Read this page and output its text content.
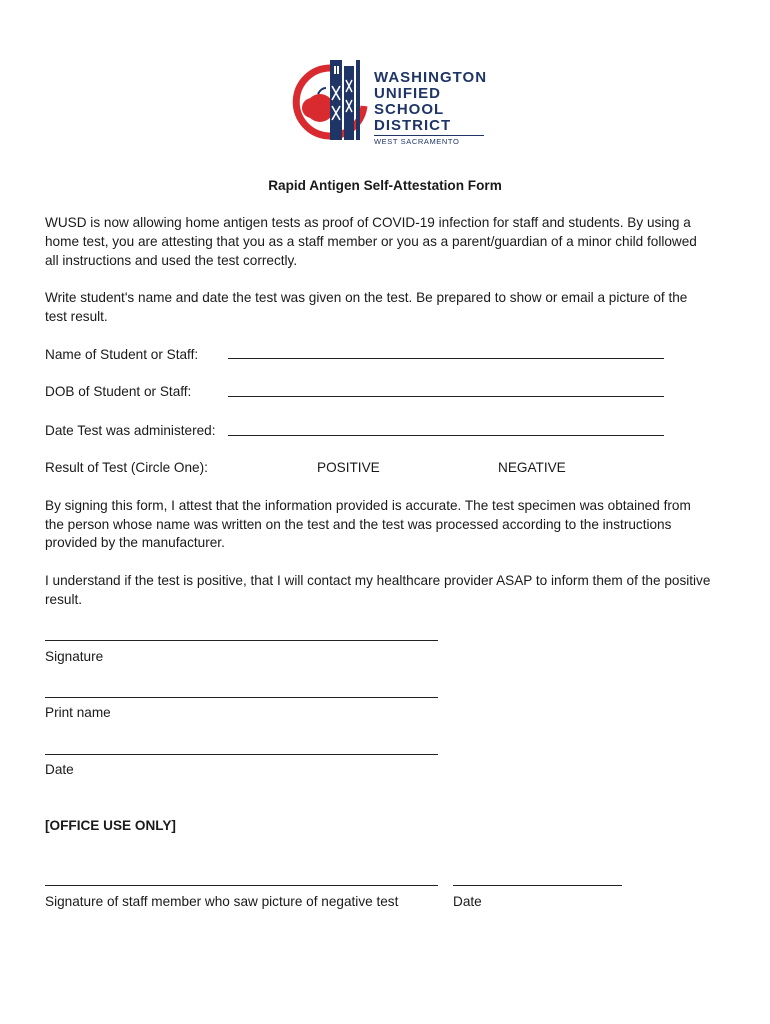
WASHINGTON
UNIFIED
SCHOOL
DISTRICT
WEST SACRAMENTO
Rapid Antigen Self-Attestation Form
WUSD is now allowing home antigen tests as proof of COVID-19 infection for staff and students. By using a
home test, you are attesting that you as a staff member or you as a parent/guardian of a minor child followed
all instructions and used the test correctly.
Write student's name and date the test was given on the test. Be prepared to show or email a picture of the
test result.
Name of Student or Staff:
DOB of Student or Staff:
Date Test was administered:
Result of Test (Circle One):	POSITIVE	NEGATIVE
By signing this form, I attest that the information provided is accurate. The test specimen was obtained from
the person whose name was written on the test and the test was processed according to the instructions
provided by the manufacturer.
I understand if the test is positive, that I will contact my healthcare provider ASAP to inform them of the positive
result.
Signature
Print name
Date
[OFFICE USE ONLY]
Signature of staff member who saw picture of negative test	Date
